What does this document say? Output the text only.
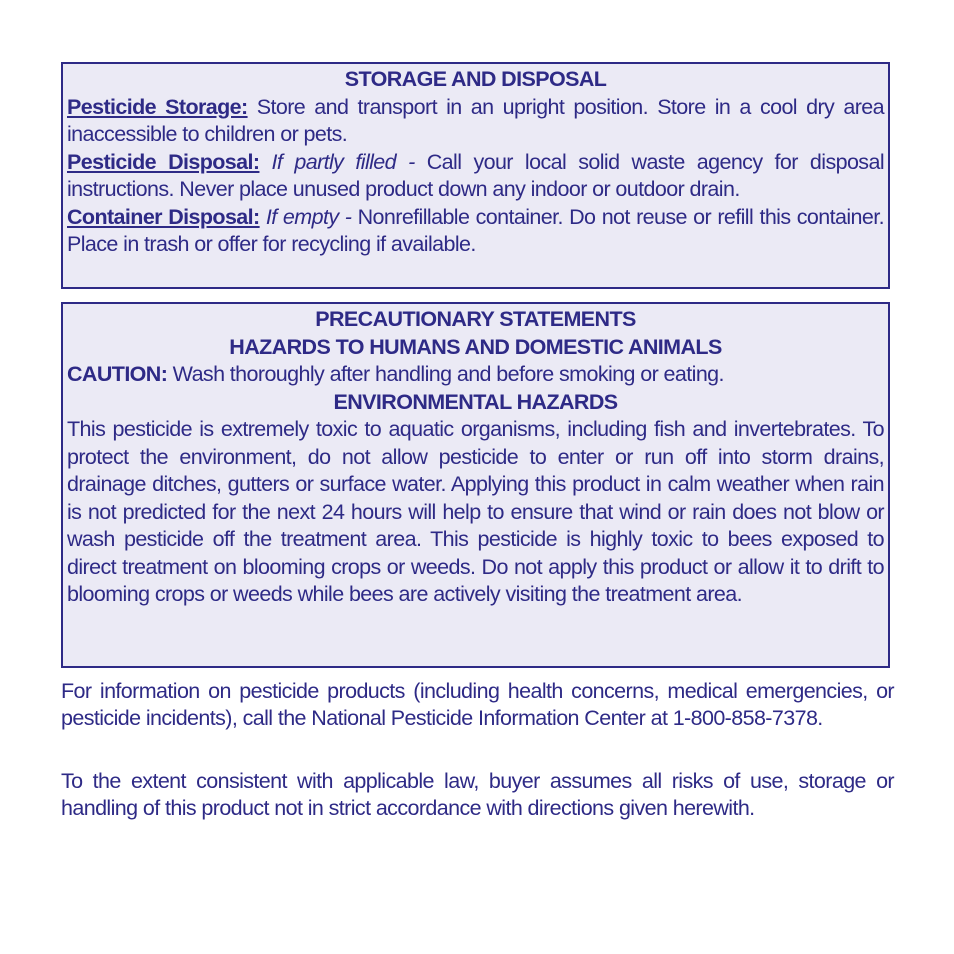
STORAGE AND DISPOSAL
Pesticide Storage: Store and transport in an upright position. Store in a cool dry area inaccessible to children or pets.
Pesticide Disposal: If partly filled - Call your local solid waste agency for disposal instructions. Never place unused product down any indoor or outdoor drain.
Container Disposal: If empty - Nonrefillable container. Do not reuse or refill this container. Place in trash or offer for recycling if available.
PRECAUTIONARY STATEMENTS
HAZARDS TO HUMANS AND DOMESTIC ANIMALS
CAUTION: Wash thoroughly after handling and before smoking or eating.
ENVIRONMENTAL HAZARDS
This pesticide is extremely toxic to aquatic organisms, including fish and invertebrates. To protect the environment, do not allow pesticide to enter or run off into storm drains, drainage ditches, gutters or surface water. Applying this product in calm weather when rain is not predicted for the next 24 hours will help to ensure that wind or rain does not blow or wash pesticide off the treatment area. This pesticide is highly toxic to bees exposed to direct treatment on blooming crops or weeds. Do not apply this product or allow it to drift to blooming crops or weeds while bees are actively visiting the treatment area.
For information on pesticide products (including health concerns, medical emergencies, or pesticide incidents), call the National Pesticide Information Center at 1-800-858-7378.
To the extent consistent with applicable law, buyer assumes all risks of use, storage or handling of this product not in strict accordance with directions given herewith.
